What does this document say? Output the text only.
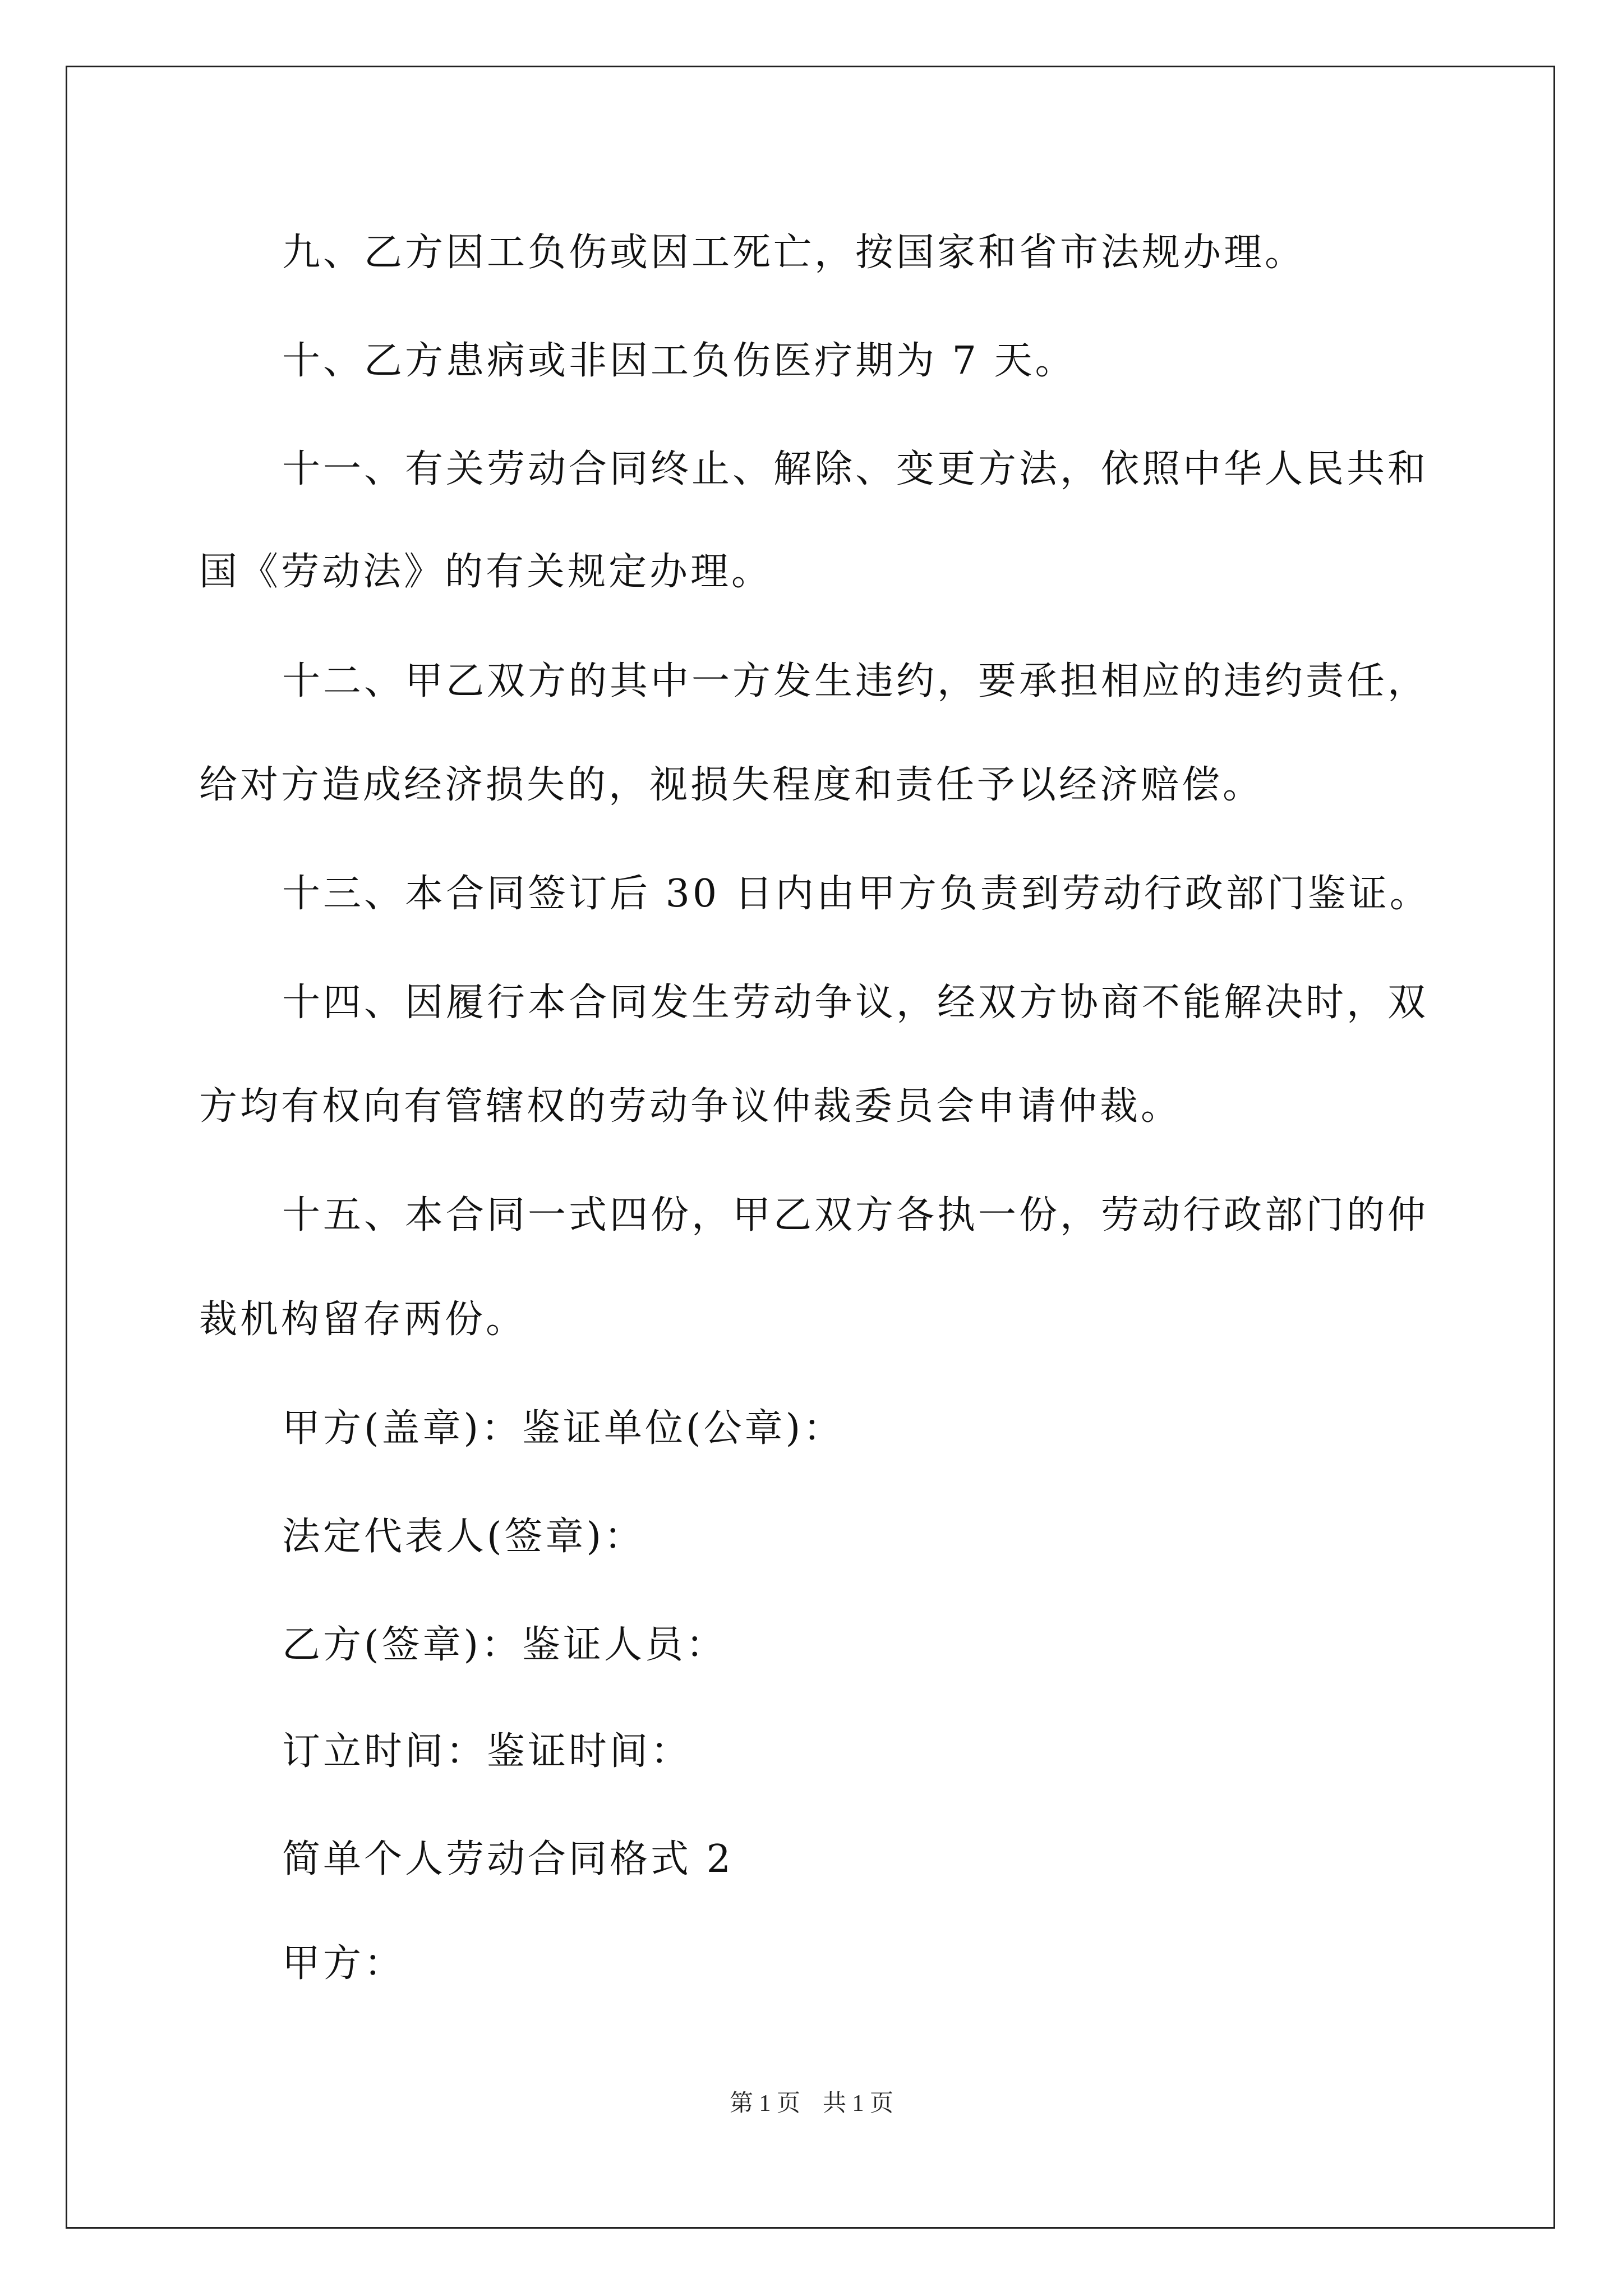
九、乙方因工负伤或因工死亡，按国家和省市法规办理。
十、乙方患病或非因工负伤医疗期为 7 天。
十一、有关劳动合同终止、解除、变更方法，依照中华人民共和
国《劳动法》的有关规定办理。
十二、甲乙双方的其中一方发生违约，要承担相应的违约责任，
给对方造成经济损失的，视损失程度和责任予以经济赔偿。
十三、本合同签订后 30 日内由甲方负责到劳动行政部门鉴证。
十四、因履行本合同发生劳动争议，经双方协商不能解决时，双
方均有权向有管辖权的劳动争议仲裁委员会申请仲裁。
十五、本合同一式四份，甲乙双方各执一份，劳动行政部门的仲
裁机构留存两份。
甲方(盖章)：鉴证单位(公章)：
法定代表人(签章)：
乙方(签章)：鉴证人员：
订立时间：鉴证时间：
简单个人劳动合同格式 2
甲方：
第 1 页 共 1 页
